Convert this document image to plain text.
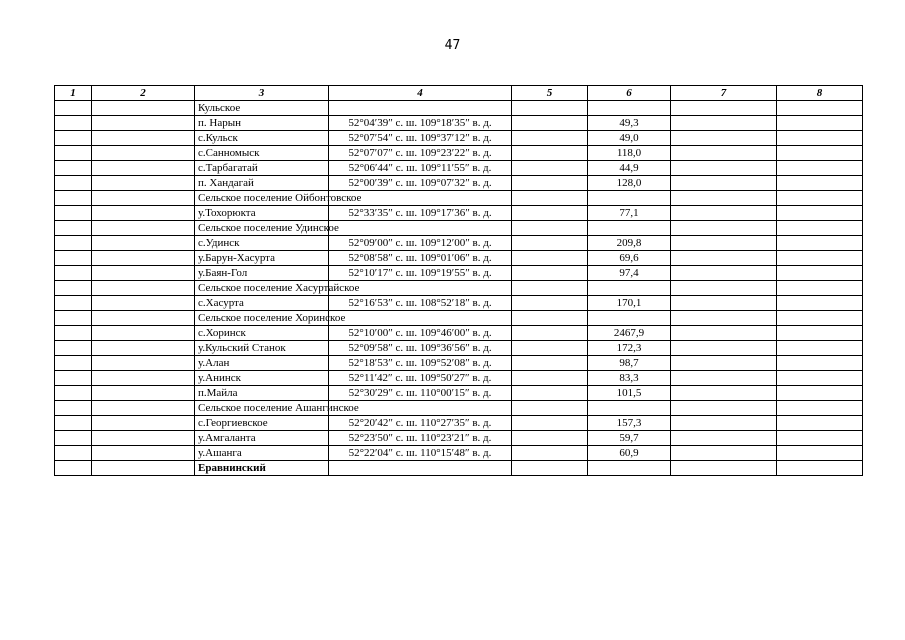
47
1	2	3	4	5	6	7	8
		Кульское					
		п. Нарын	52°04′39″ с. ш. 109°18′35″ в. д.		49,3		
		с.Кульск	52°07′54″ с. ш. 109°37′12″ в. д.		49,0		
		с.Санномыск	52°07′07″ с. ш. 109°23′22″ в. д.		118,0		
		с.Тарбагатай	52°06′44″ с. ш. 109°11′55″ в. д.		44,9		
		п. Хандагай	52°00′39″ с. ш. 109°07′32″ в. д.		128,0		
		Сельское поселение Ойбонтовское					
		у.Тохорюкта	52°33′35″ с. ш. 109°17′36″ в. д.		77,1		
		Сельское поселение Удинское					
		с.Удинск	52°09′00″ с. ш. 109°12′00″ в. д.		209,8		
		у.Барун-Хасурта	52°08′58″ с. ш. 109°01′06″ в. д.		69,6		
		у.Баян-Гол	52°10′17″ с. ш. 109°19′55″ в. д.		97,4		
		Сельское поселение Хасуртайское					
		с.Хасурта	52°16′53″ с. ш. 108°52′18″ в. д.		170,1		
		Сельское поселение Хоринское					
		с.Хоринск	52°10′00″ с. ш. 109°46′00″ в. д.		2467,9		
		у.Кульский Станок	52°09′58″ с. ш. 109°36′56″ в. д.		172,3		
		у.Алан	52°18′53″ с. ш. 109°52′08″ в. д.		98,7		
		у.Анинск	52°11′42″ с. ш. 109°50′27″ в. д.		83,3		
		п.Майла	52°30′29″ с. ш. 110°00′15″ в. д.		101,5		
		Сельское поселение Ашангинское					
		с.Георгиевское	52°20′42″ с. ш. 110°27′35″ в. д.		157,3		
		у.Амгаланта	52°23′50″ с. ш. 110°23′21″ в. д.		59,7		
		у.Ашанга	52°22′04″ с. ш. 110°15′48″ в. д.		60,9		
		Еравнинский					
